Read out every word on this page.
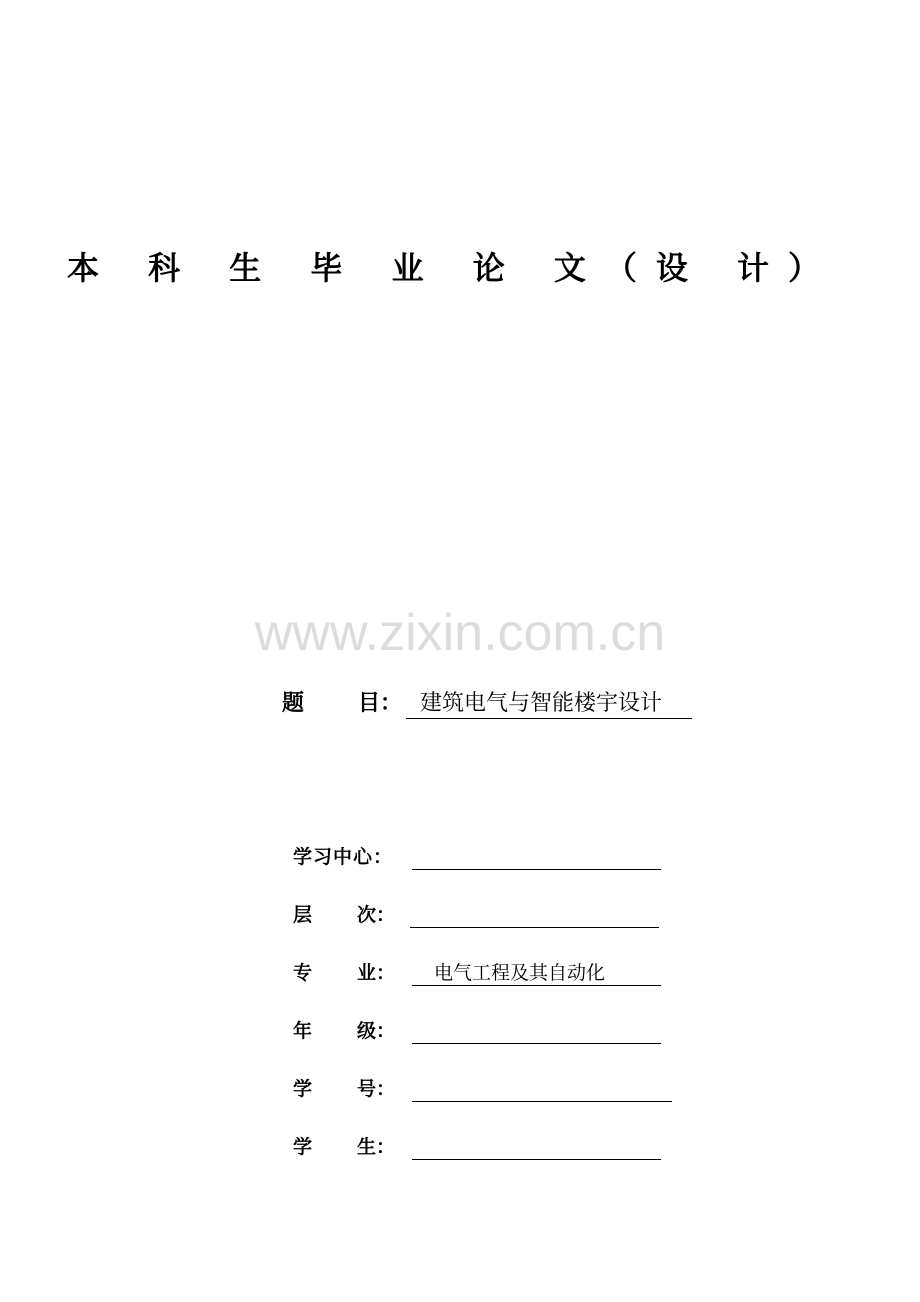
本 科 生 毕 业 论 文（设 计）
www.zixin.com.cn
题 目： 建筑电气与智能楼宇设计
学习中心：
层 次：
专 业：	电气工程及其自动化
年 级：
学 号：
学 生：
